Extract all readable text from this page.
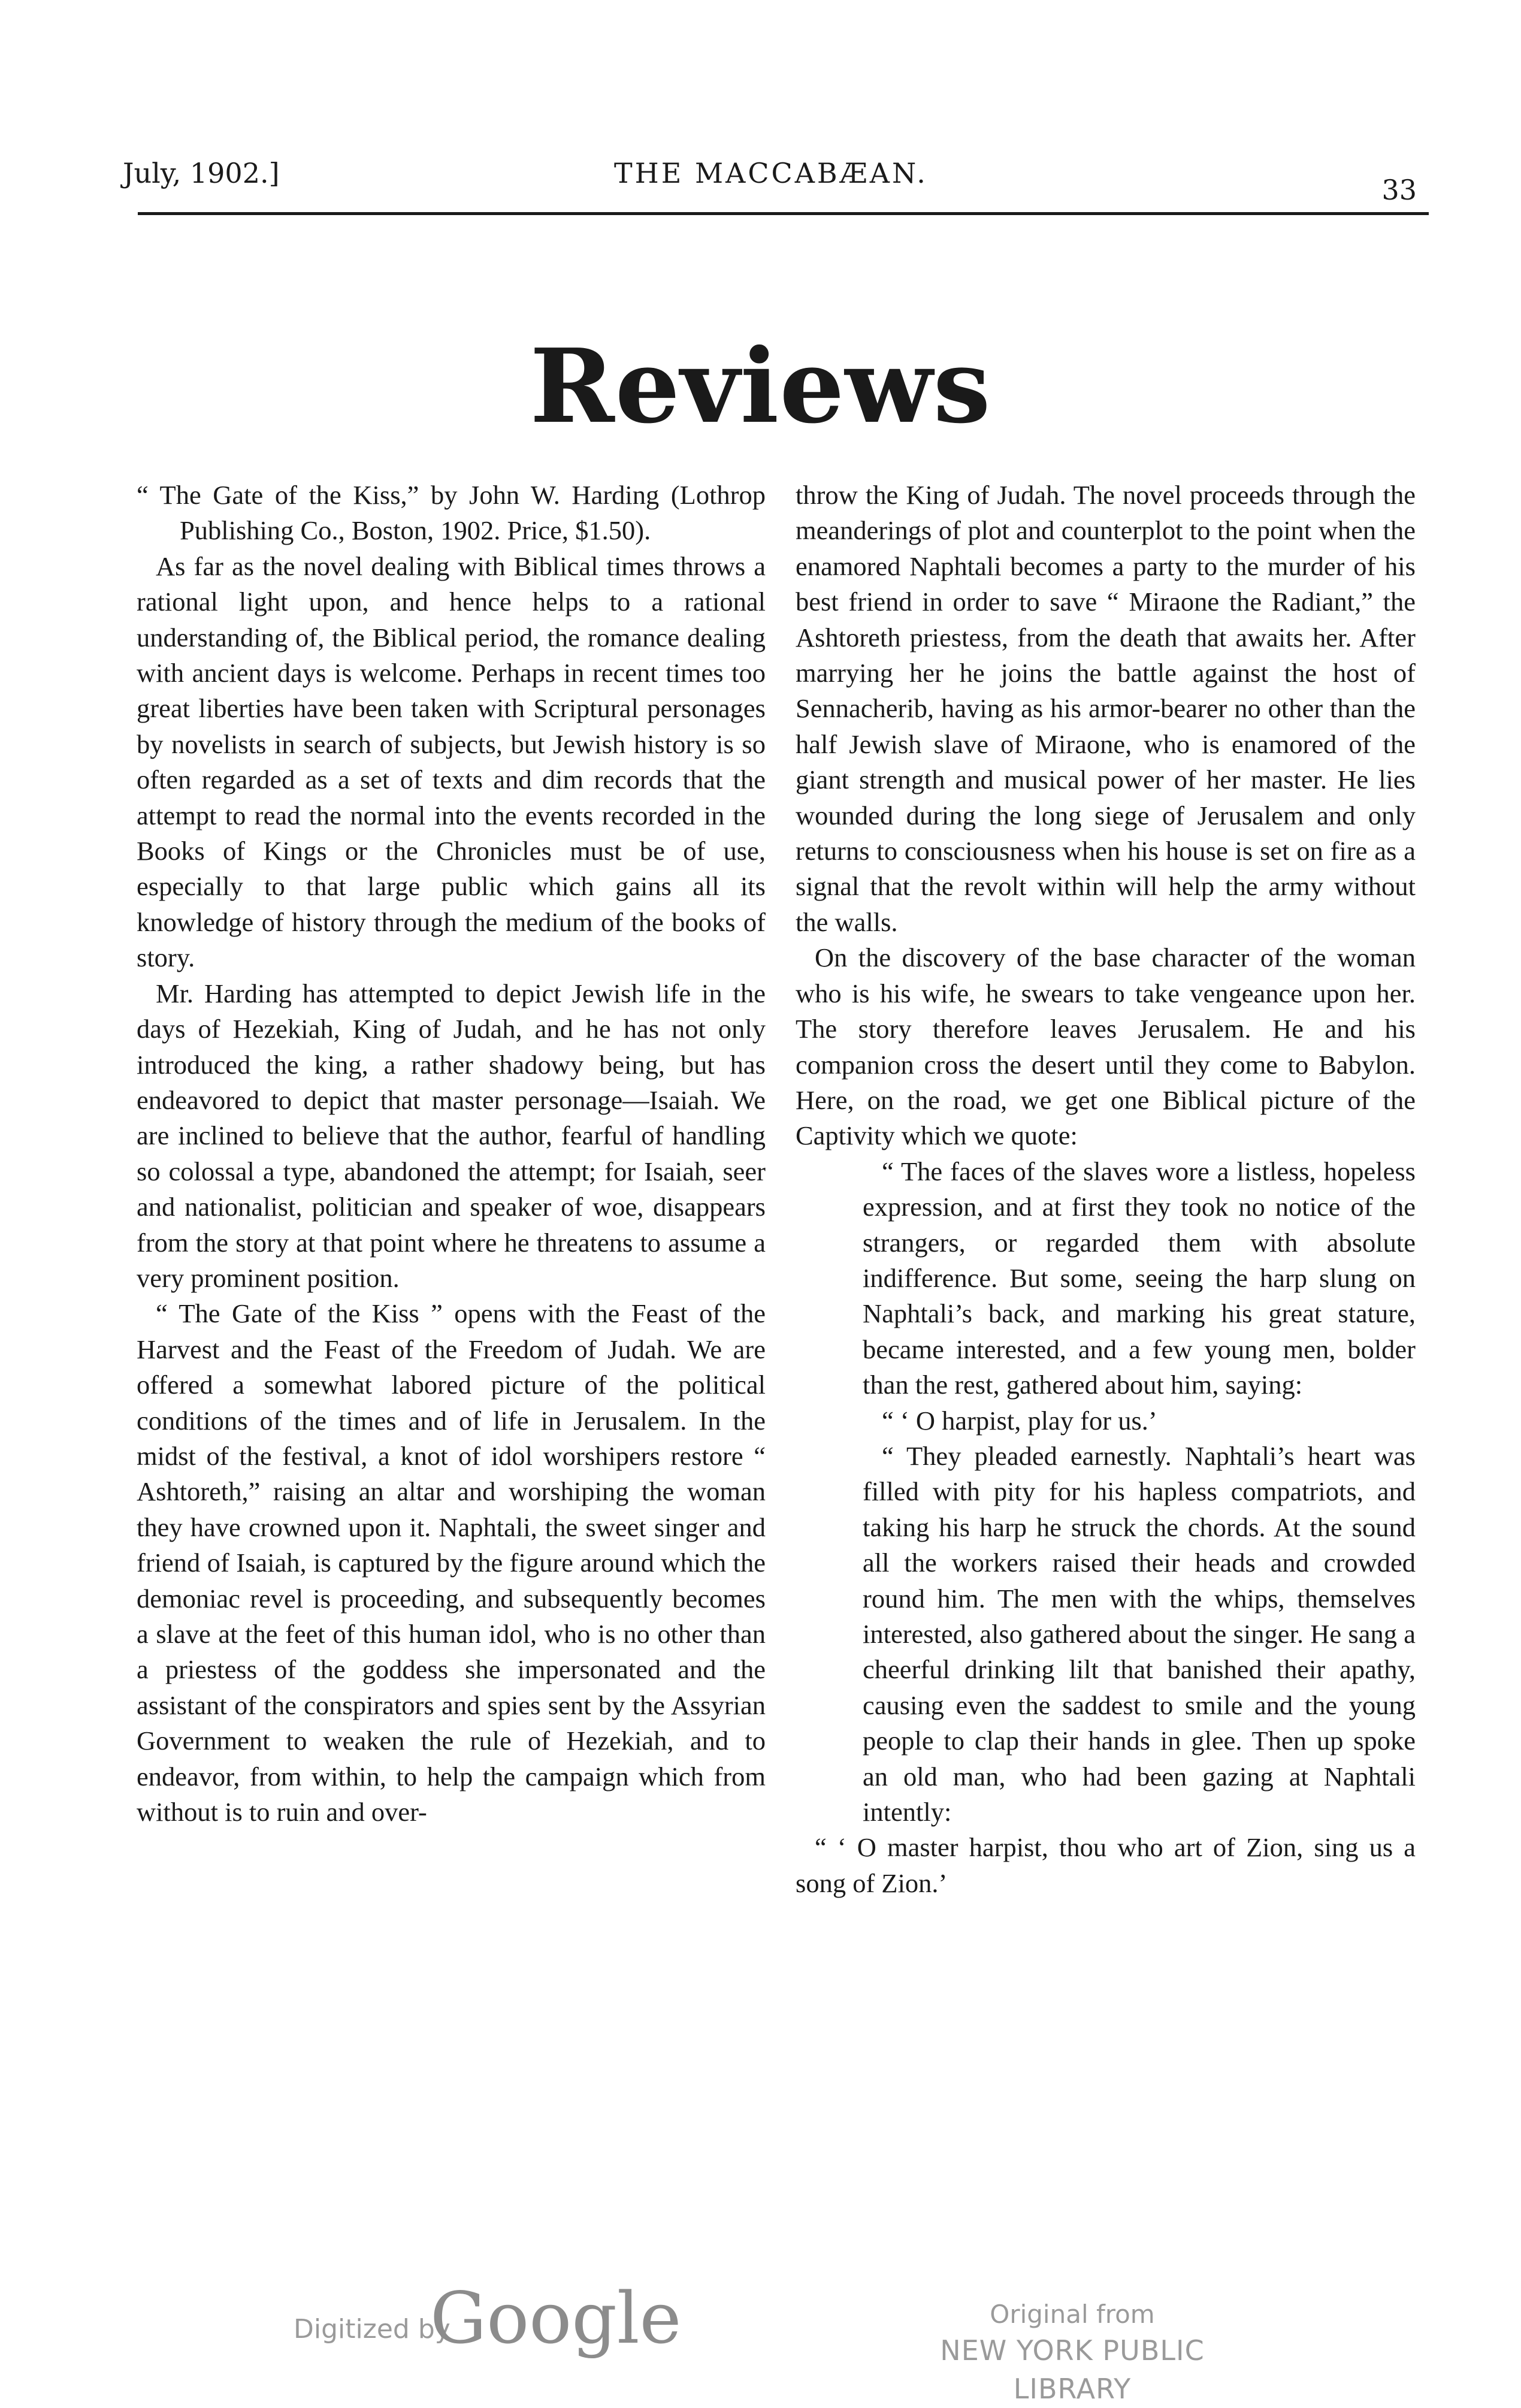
July, 1902.]	THE MACCABÆAN.
33
Reviews

“ The Gate of the Kiss,” by John W. Harding (Lothrop Publishing Co., Boston, 1902. Price, $1.50).

As far as the novel dealing with Biblical times throws a rational light upon, and hence helps to a rational understanding of, the Biblical period, the romance dealing with ancient days is welcome. Perhaps in recent times too great liberties have been taken with Scriptural personages by novelists in search of subjects, but Jewish history is so often regarded as a set of texts and dim records that the attempt to read the normal into the events recorded in the Books of Kings or the Chronicles must be of use, especially to that large public which gains all its knowledge of history through the medium of the books of story.

Mr. Harding has attempted to depict Jewish life in the days of Hezekiah, King of Judah, and he has not only introduced the king, a rather shadowy being, but has endeavored to depict that master personage—Isaiah. We are inclined to believe that the author, fearful of handling so colossal a type, abandoned the attempt; for Isaiah, seer and nationalist, politician and speaker of woe, disappears from the story at that point where he threatens to assume a very prominent position.

“ The Gate of the Kiss ” opens with the Feast of the Harvest and the Feast of the Freedom of Judah. We are offered a somewhat labored picture of the political conditions of the times and of life in Jerusalem. In the midst of the festival, a knot of idol worshipers restore “ Ashtoreth,” raising an altar and worshiping the woman they have crowned upon it. Naphtali, the sweet singer and friend of Isaiah, is captured by the figure around which the demoniac revel is proceeding, and subsequently becomes a slave at the feet of this human idol, who is no other than a priestess of the goddess she impersonated and the assistant of the conspirators and spies sent by the Assyrian Government to weaken the rule of Hezekiah, and to endeavor, from within, to help the campaign which from without is to ruin and over-

throw the King of Judah. The novel proceeds through the meanderings of plot and counterplot to the point when the enamored Naphtali becomes a party to the murder of his best friend in order to save “ Miraone the Radiant,” the Ashtoreth priestess, from the death that awaits her. After marrying her he joins the battle against the host of Sennacherib, having as his armor-bearer no other than the half Jewish slave of Miraone, who is enamored of the giant strength and musical power of her master. He lies wounded during the long siege of Jerusalem and only returns to consciousness when his house is set on fire as a signal that the revolt within will help the army without the walls.

On the discovery of the base character of the woman who is his wife, he swears to take vengeance upon her. The story therefore leaves Jerusalem. He and his companion cross the desert until they come to Babylon. Here, on the road, we get one Biblical picture of the Captivity which we quote:

“ The faces of the slaves wore a listless, hopeless expression, and at first they took no notice of the strangers, or regarded them with absolute indifference. But some, seeing the harp slung on Naphtali’s back, and marking his great stature, became interested, and a few young men, bolder than the rest, gathered about him, saying:

“ ‘ O harpist, play for us.’

“ They pleaded earnestly. Naphtali’s heart was filled with pity for his hapless compatriots, and taking his harp he struck the chords. At the sound all the workers raised their heads and crowded round him. The men with the whips, themselves interested, also gathered about the singer. He sang a cheerful drinking lilt that banished their apathy, causing even the saddest to smile and the young people to clap their hands in glee. Then up spoke an old man, who had been gazing at Naphtali intently:

“ ‘ O master harpist, thou who art of Zion, sing us a song of Zion.’

Digitized by
Google	Original from
NEW YORK PUBLIC LIBRARY
